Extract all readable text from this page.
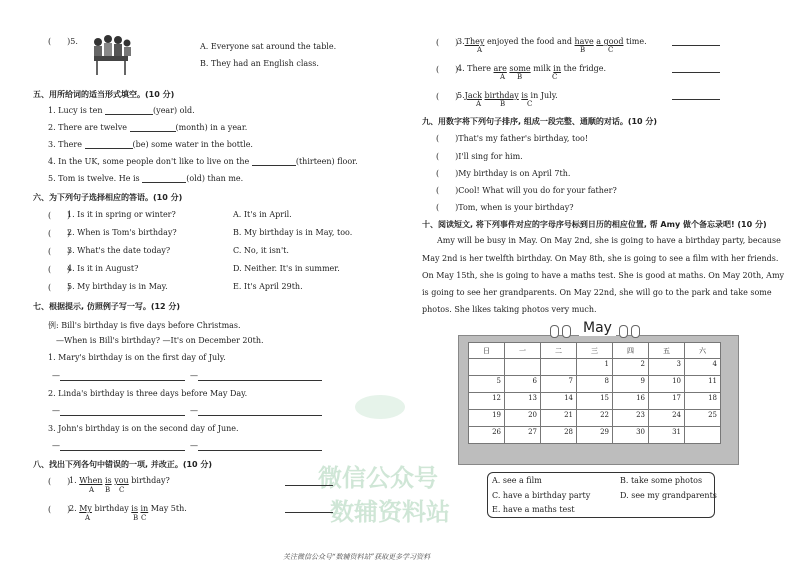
微信公众号
数辅资料站
(　　)5.
A. Everyone sat around the table.
B. They had an English class.
五、用所给词的适当形式填空。(10 分)
1. Lucy is ten	(year) old.
2. There are twelve	(month) in a year.
3. There	(be) some water in the bottle.
4. In the UK, some people don't like to live on the	(thirteen) floor.
5. Tom is twelve. He is	(old) than me.
六、为下列句子选择相应的答语。(10 分)
(　　)
1. Is it in spring or winter?	A. It's in April.
(　　)
2. When is Tom's birthday?	B. My birthday is in May, too.
(　　)
3. What's the date today?	C. No, it isn't.
(　　)
4. Is it in August?	D. Neither. It's in summer.
(　　)
5. My birthday is in May.	E. It's April 29th.
七、根据提示, 仿照例子写一写。(12 分)
例: Bill's birthday is five days before Christmas.
—When is Bill's birthday? —It's on December 20th.
1. Mary's birthday is on the first day of July.
—	—
2. Linda's birthday is three days before May Day.
—	—
3. John's birthday is on the second day of June.
—	—
八、找出下列各句中错误的一项, 并改正。(10 分)
(　　)
1. When is you birthday?
A B C
(　　)
2. My birthday is in May 5th.
A	B C
(　　)
3.They enjoyed the food and have a good time.
A	B	C
(　　)
4. There are some milk in the fridge.
A B	C
(　　)
5.Jack birthday is in July.
A	B	C
九、用数字将下列句子排序, 组成一段完整、通顺的对话。(10 分)
(　　)That's my father's birthday, too!
(　　)I'll sing for him.
(　　)My birthday is on April 7th.
(　　)Cool! What will you do for your father?
(　　)Tom, when is your birthday?
十、阅读短文, 将下列事件对应的字母序号标到日历的相应位置, 帮 Amy 做个备忘录吧! (10 分)
Amy will be busy in May. On May 2nd, she is going to have a birthday party, because
May 2nd is her twelfth birthday. On May 8th, she is going to see a film with her friends.
On May 15th, she is going to have a maths test. She is good at maths. On May 20th, Amy
is going to see her grandparents. On May 22nd, she will go to the park and take some
photos. She likes taking photos very much.
日	一	二	三	四	五	六
			1	2	3	4
5	6	7	8	9	10	11
12	13	14	15	16	17	18
19	20	21	22	23	24	25
26	27	28	29	30	31	
May
A. see a film	B. take some photos
C. have a birthday party	D. see my grandparents
E. have a maths test
关注微信公众号“数辅资料站”获取更多学习资料
